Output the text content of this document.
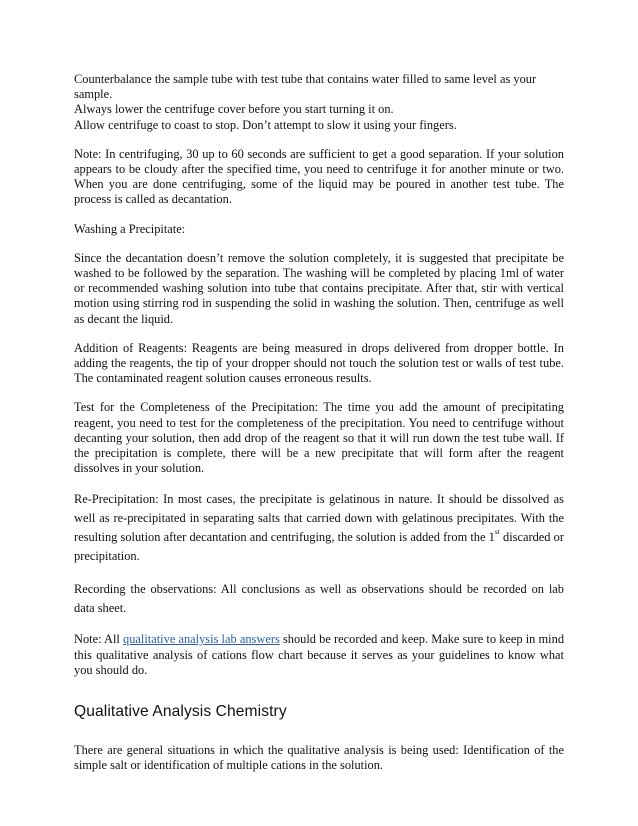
Counterbalance the sample tube with test tube that contains water filled to same level as your sample.
Always lower the centrifuge cover before you start turning it on.
Allow centrifuge to coast to stop. Don’t attempt to slow it using your fingers.

Note: In centrifuging, 30 up to 60 seconds are sufficient to get a good separation. If your solution appears to be cloudy after the specified time, you need to centrifuge it for another minute or two. When you are done centrifuging, some of the liquid may be poured in another test tube. The process is called as decantation.

Washing a Precipitate:

Since the decantation doesn’t remove the solution completely, it is suggested that precipitate be washed to be followed by the separation. The washing will be completed by placing 1ml of water or recommended washing solution into tube that contains precipitate. After that, stir with vertical motion using stirring rod in suspending the solid in washing the solution. Then, centrifuge as well as decant the liquid.

Addition of Reagents: Reagents are being measured in drops delivered from dropper bottle. In adding the reagents, the tip of your dropper should not touch the solution test or walls of test tube. The contaminated reagent solution causes erroneous results.

Test for the Completeness of the Precipitation: The time you add the amount of precipitating reagent, you need to test for the completeness of the precipitation. You need to centrifuge without decanting your solution, then add drop of the reagent so that it will run down the test tube wall. If the precipitation is complete, there will be a new precipitate that will form after the reagent dissolves in your solution.

Re-Precipitation: In most cases, the precipitate is gelatinous in nature. It should be dissolved as well as re-precipitated in separating salts that carried down with gelatinous precipitates. With the resulting solution after decantation and centrifuging, the solution is added from the 1st discarded or precipitation.

Recording the observations: All conclusions as well as observations should be recorded on lab data sheet.

Note: All qualitative analysis lab answers should be recorded and keep. Make sure to keep in mind this qualitative analysis of cations flow chart because it serves as your guidelines to know what you should do.

Qualitative Analysis Chemistry

There are general situations in which the qualitative analysis is being used: Identification of the simple salt or identification of multiple cations in the solution.
